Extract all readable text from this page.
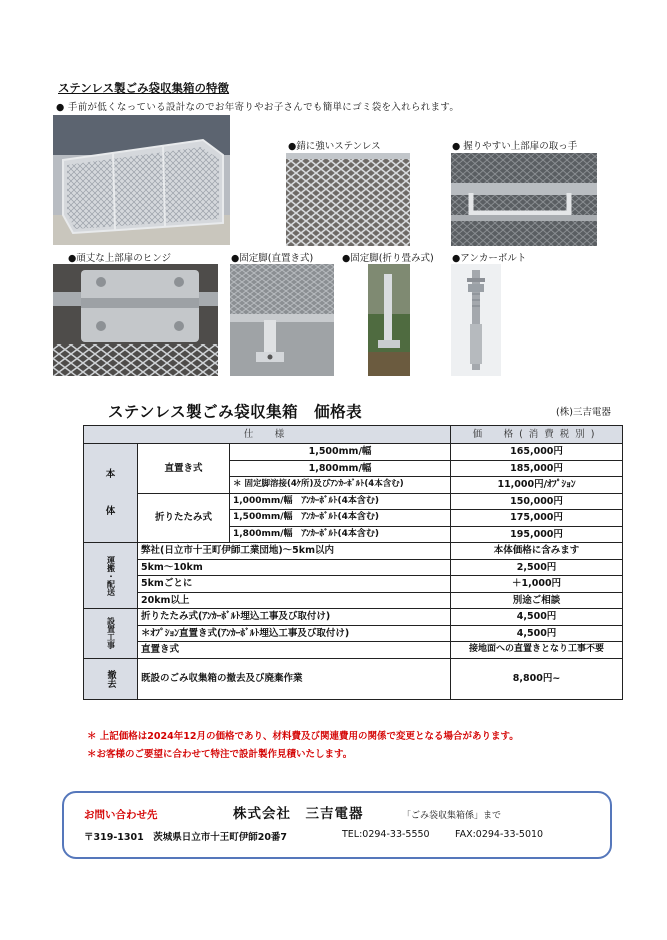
ステンレス製ごみ袋収集箱の特徴
● 手前が低くなっている設計なのでお年寄りやお子さんでも簡単にゴミ袋を入れられます。
●錆に強いステンレス	● 握りやすい上部扉の取っ手
●頑丈な上部扉のヒンジ	●固定脚(直置き式)	●固定脚(折り畳み式) ●アンカーボルト
ステンレス製ごみ袋収集箱　価格表	(株)三吉電器
仕　様			価　格(消費税別)

本
体	直置き式	1,500mm/幅	165,000円
		1,800mm/幅	185,000円
		＊ 固定脚溶接(4ｹ所)及びｱﾝｶｰﾎﾞﾙﾄ(4本含む)	11,000円/ｵﾌﾟｼｮﾝ
	折りたたみ式	1,000mm/幅　ｱﾝｶｰﾎﾞﾙﾄ(4本含む)	150,000円
		1,500mm/幅　ｱﾝｶｰﾎﾞﾙﾄ(4本含む)	175,000円
		1,800mm/幅　ｱﾝｶｰﾎﾞﾙﾄ(4本含む)	195,000円
運搬・配送	弊社(日立市十王町伊師工業団地)～5km以内		本体価格に含みます
	5km～10km		2,500円
	5kmごとに		＋1,000円
	20km以上		別途ご相談
設置工事	折りたたみ式(ｱﾝｶｰﾎﾞﾙﾄ埋込工事及び取付け)		4,500円
	＊ｵﾌﾟｼｮﾝ直置き式(ｱﾝｶｰﾎﾞﾙﾄ埋込工事及び取付け)		4,500円
	直置き式		接地面への直置きとなり工事不要
撤去	既設のごみ収集箱の撤去及び廃棄作業		8,800円~
＊ 上記価格は2024年12月の価格であり、材料費及び関連費用の関係で変更となる場合があります。
＊お客様のご要望に合わせて特注で設計製作見積いたします。
お問い合わせ先	株式会社　三吉電器	「ごみ袋収集箱係」まで
〒319-1301　茨城県日立市十王町伊師20番7	TEL:0294-33-5550	FAX:0294-33-5010
